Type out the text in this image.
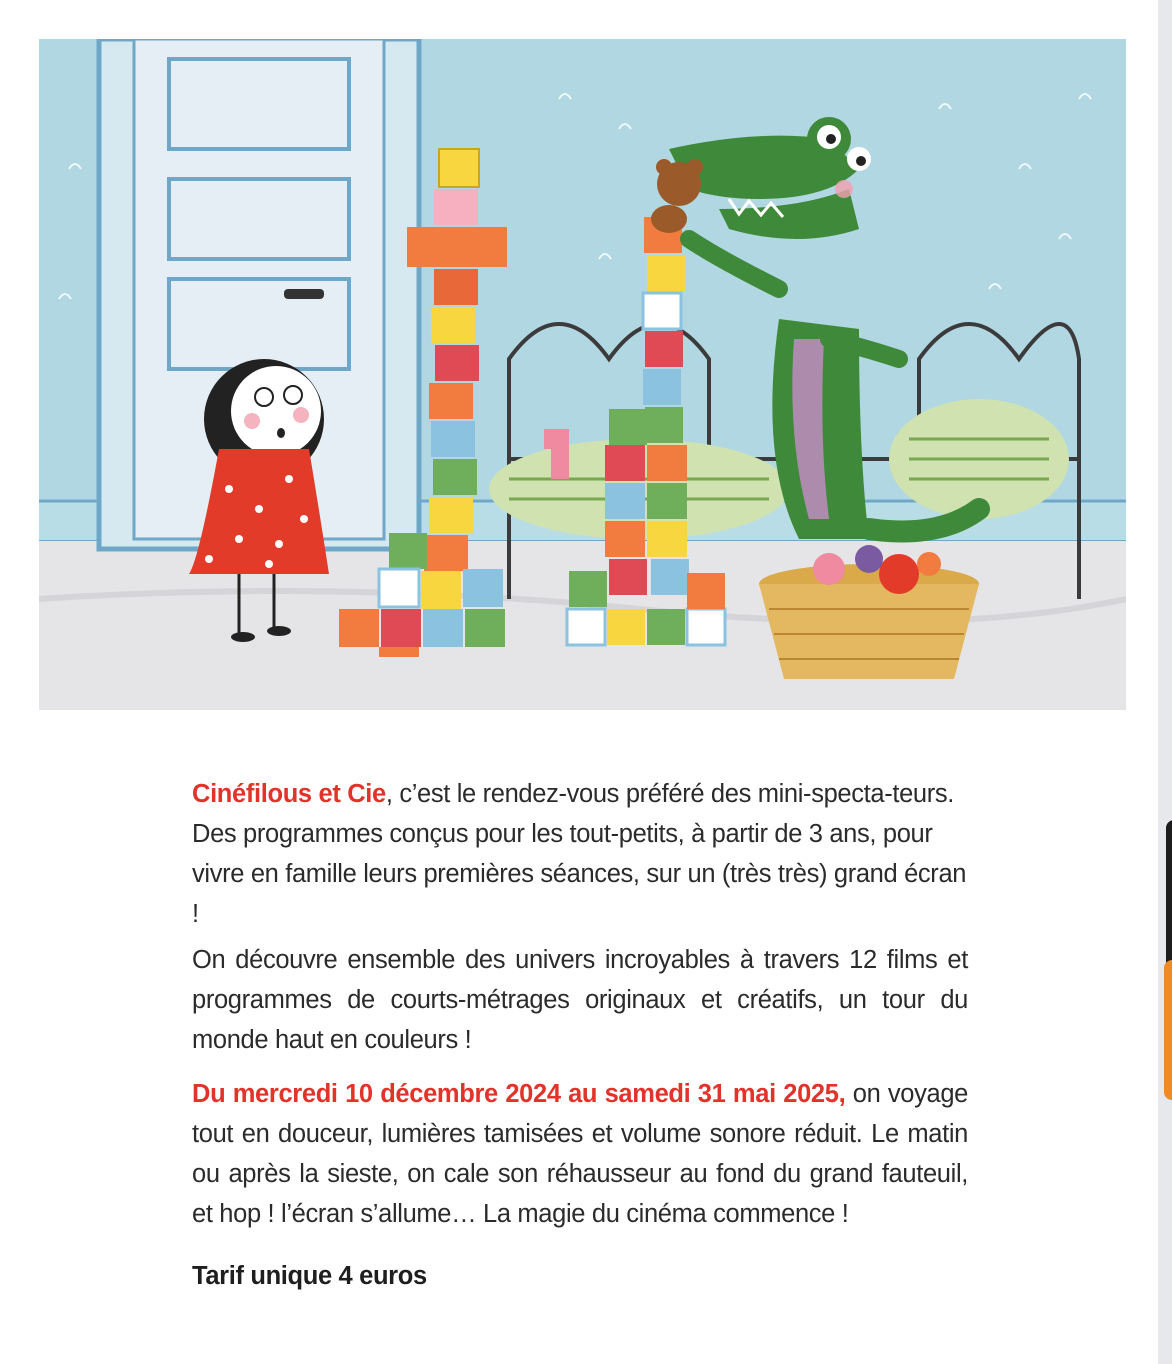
Cinéfilous et Cie, c’est le rendez-vous préféré des mini-specta-teurs. Des programmes conçus pour les tout-petits, à partir de 3 ans, pour vivre en famille leurs premières séances, sur un (très très) grand écran !

On découvre ensemble des univers incroyables à travers 12 films et programmes de courts-métrages originaux et créatifs, un tour du monde haut en couleurs !

Du mercredi 10 décembre 2024 au samedi 31 mai 2025, on voyage tout en douceur, lumières tamisées et volume sonore réduit. Le matin ou après la sieste, on cale son réhausseur au fond du grand fauteuil, et hop ! l’écran s’allume… La magie du cinéma commence !

Tarif unique 4 euros
